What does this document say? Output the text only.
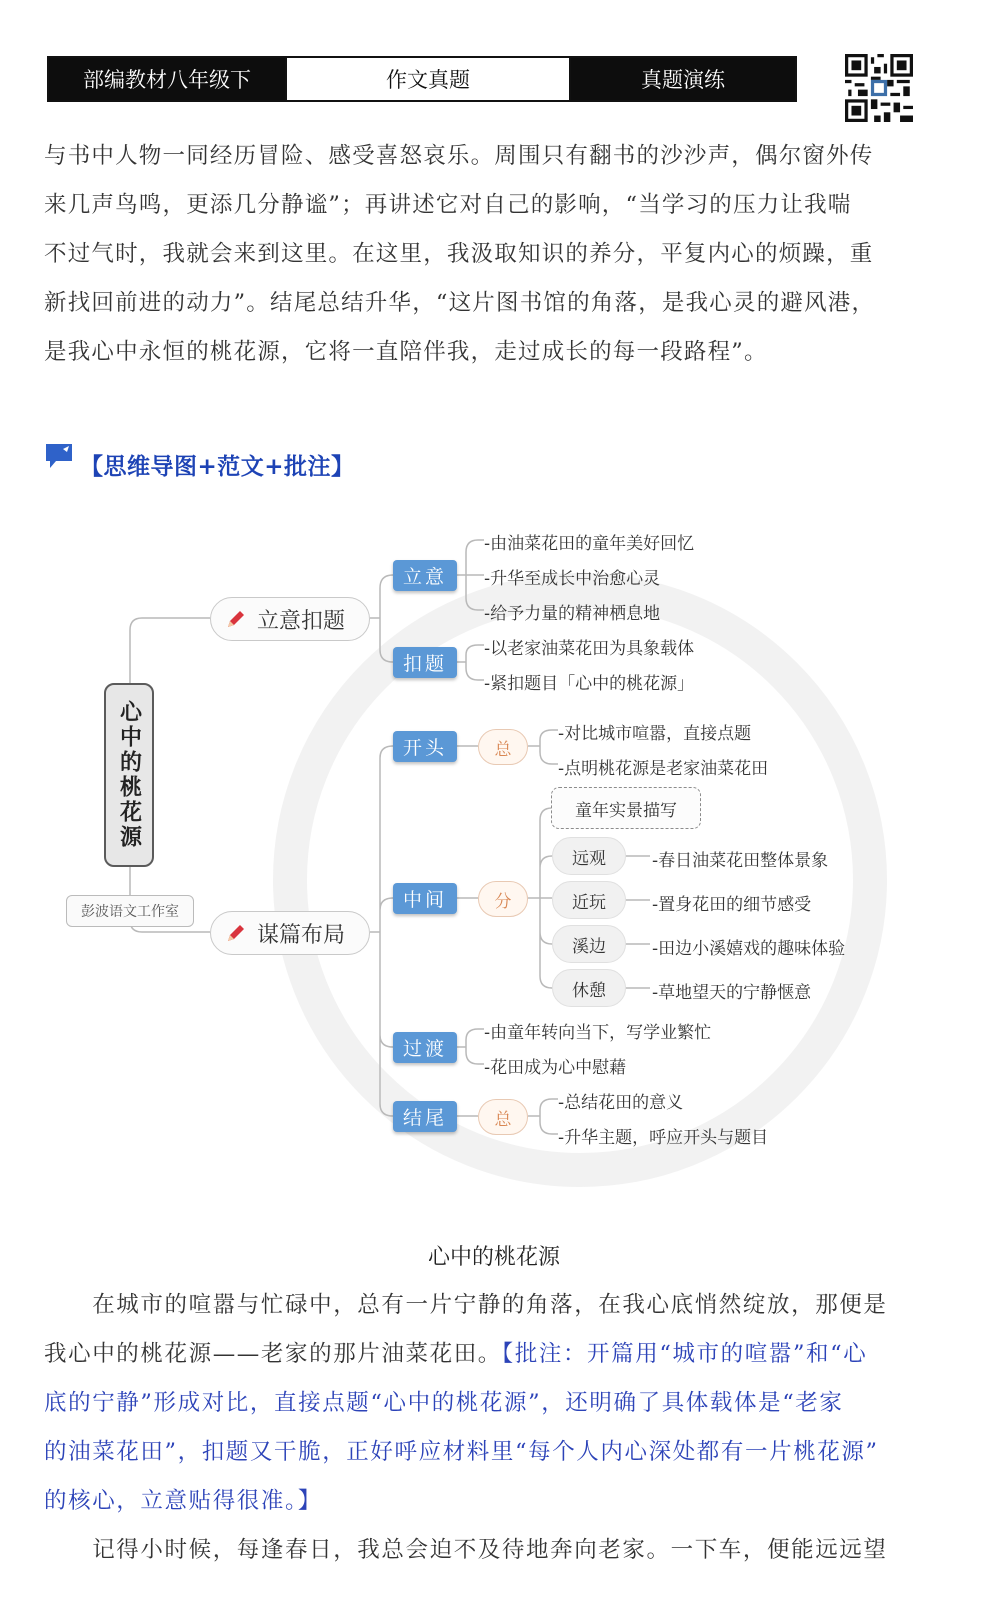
部编教材八年级下	作文真题	真题演练
与书中人物一同经历冒险、感受喜怒哀乐。周围只有翻书的沙沙声，偶尔窗外传
来几声鸟鸣，更添几分静谧”；再讲述它对自己的影响，“当学习的压力让我喘
不过气时，我就会来到这里。在这里，我汲取知识的养分，平复内心的烦躁，重
新找回前进的动力”。结尾总结升华，“这片图书馆的角落，是我心灵的避风港，
是我心中永恒的桃花源，它将一直陪伴我，走过成长的每一段路程”。
【思维导图+范文+批注】
心中的桃花源
彭波语文工作室
立意扣题
立意
-由油菜花田的童年美好回忆
-升华至成长中治愈心灵
-给予力量的精神栖息地
扣题
-以老家油菜花田为具象载体
-紧扣题目「心中的桃花源」
谋篇布局
开头	总
-对比城市喧嚣，直接点题
-点明桃花源是老家油菜花田
中间	分
童年实景描写
远观	-春日油菜花田整体景象
近玩	-置身花田的细节感受
溪边	-田边小溪嬉戏的趣味体验
休憩	-草地望天的宁静惬意
过渡
-由童年转向当下，写学业繁忙
-花田成为心中慰藉
结尾	总
-总结花田的意义
-升华主题，呼应开头与题目
心中的桃花源
　　在城市的喧嚣与忙碌中，总有一片宁静的角落，在我心底悄然绽放，那便是
我心中的桃花源——老家的那片油菜花田。【批注：开篇用“城市的喧嚣”和“心
底的宁静”形成对比，直接点题“心中的桃花源”，还明确了具体载体是“老家
的油菜花田”，扣题又干脆，正好呼应材料里“每个人内心深处都有一片桃花源”
的核心，立意贴得很准。】
　　记得小时候，每逢春日，我总会迫不及待地奔向老家。一下车，便能远远望
